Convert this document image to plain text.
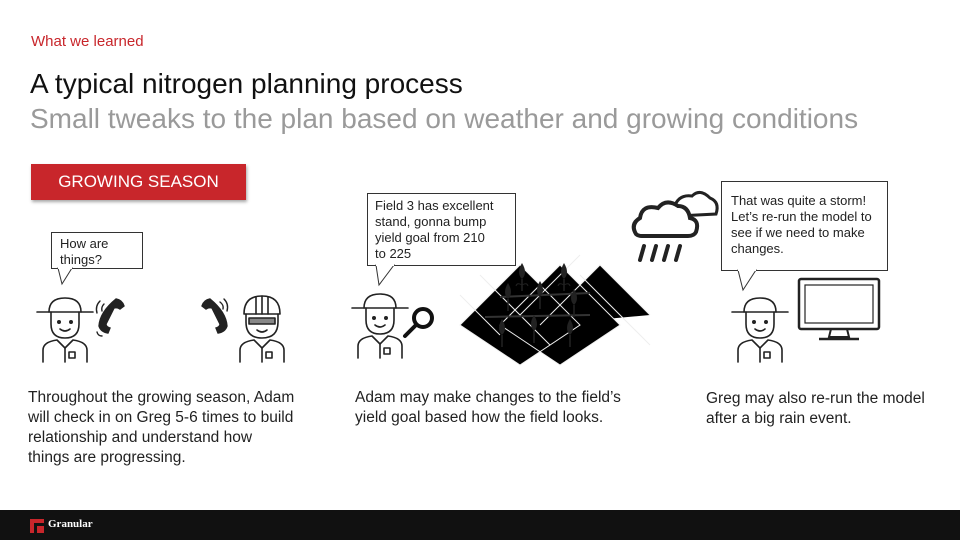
What we learned
A typical nitrogen planning process
Small tweaks to the plan based on weather and growing conditions
GROWING SEASON
How are things?
Field 3 has excellent
stand, gonna bump
yield goal from 210
to 225
That was quite a storm!
Let’s re-run the model to
see if we need to make
changes.
Throughout the growing season, Adam
will check in on Greg 5-6 times to build
relationship and understand how
things are progressing.
Adam may make changes to the field’s
yield goal based how the field looks.
Greg may also re-run the model
after a big rain event.
Granular
